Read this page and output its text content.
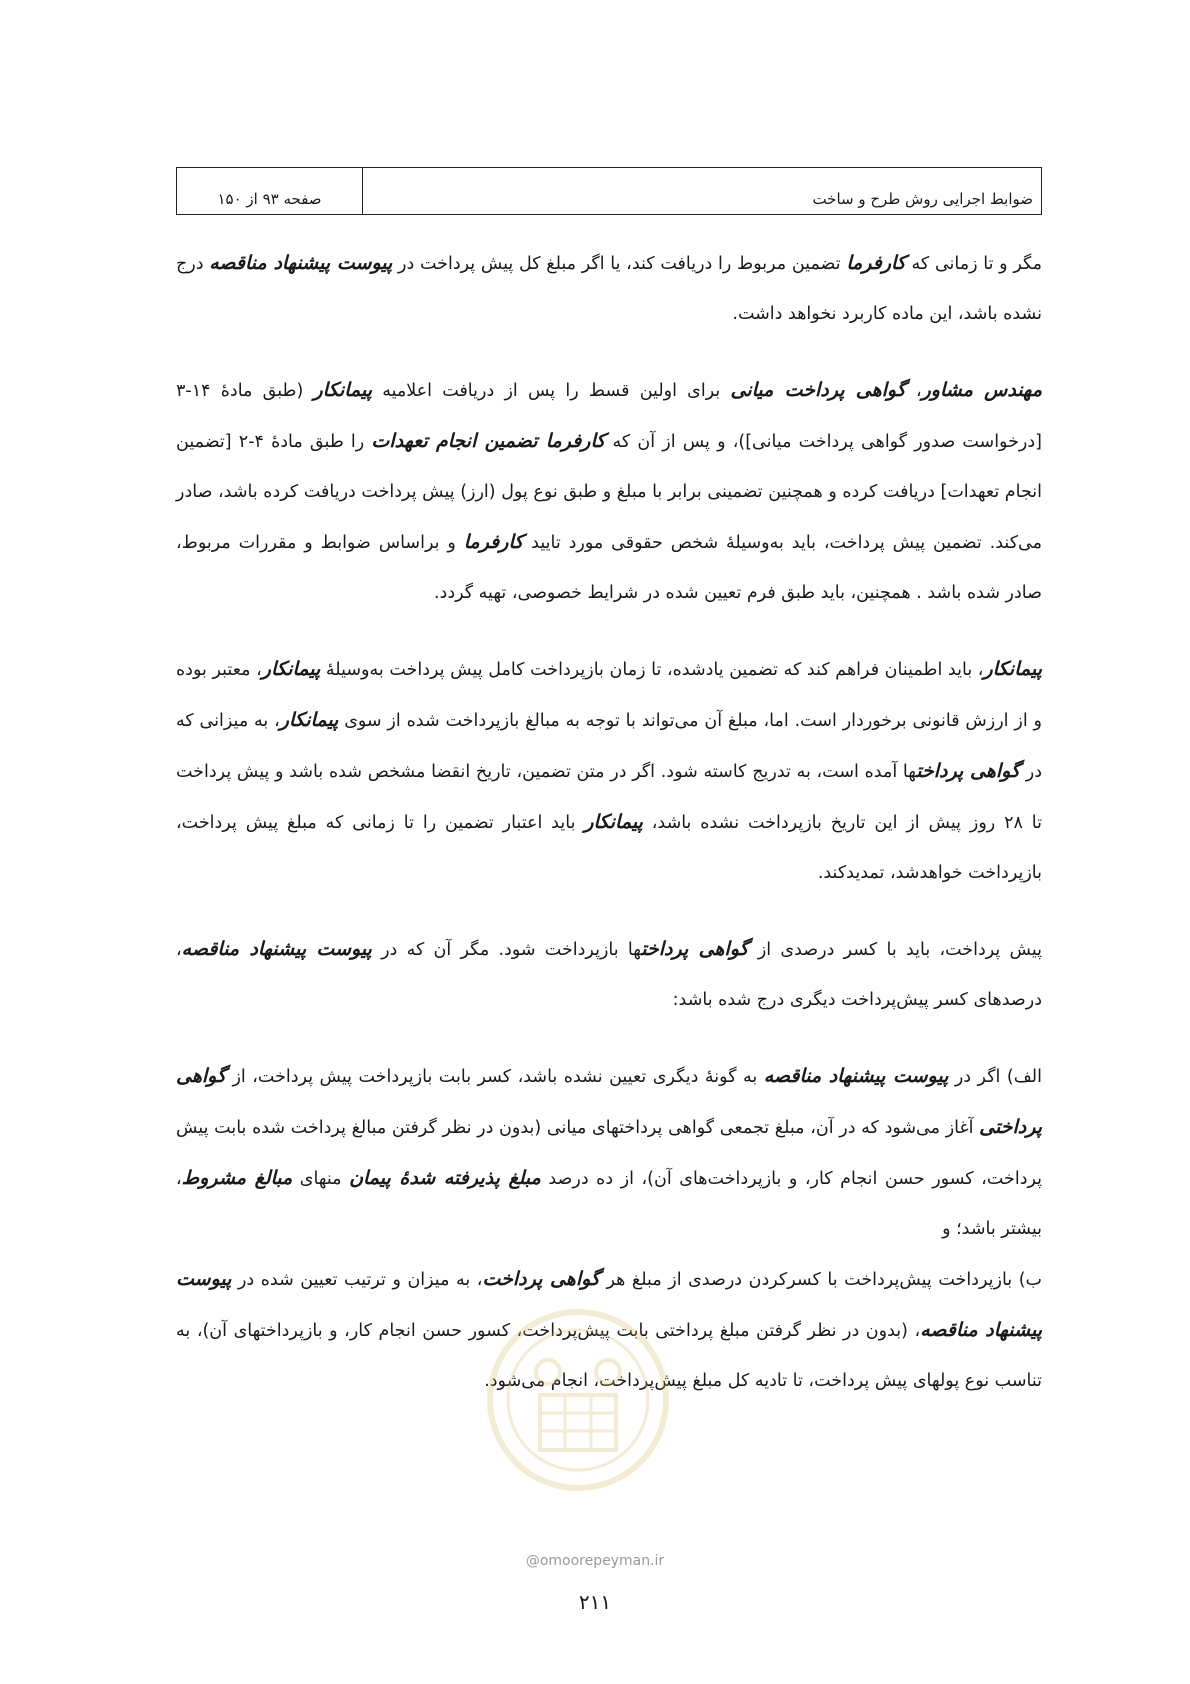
ضوابط اجرایی روش طرح و ساخت
صفحه ۹۳ از ۱۵۰

مگر و تا زمانی که کارفرما تضمین مربوط را دریافت کند، یا اگر مبلغ کل پیش پرداخت در پیوست پیشنهاد مناقصه درج نشده باشد، این ماده کاربرد نخواهد داشت.

مهندس مشاور، گواهی پرداخت میانی برای اولین قسط را پس از دریافت اعلامیه پیمانکار (طبق مادهٔ ۱۴-۳ [درخواست صدور گواهی پرداخت میانی])، و پس از آن که کارفرما تضمین انجام تعهدات را طبق مادهٔ ۴-۲ [تضمین انجام تعهدات] دریافت کرده و همچنین تضمینی برابر با مبلغ و طبق نوع پول (ارز) پیش پرداخت دریافت کرده باشد، صادر می‌کند. تضمین پیش پرداخت، باید به‌وسیلهٔ شخص حقوقی مورد تایید کارفرما و براساس ضوابط و مقررات مربوط، صادر شده باشد . همچنین، باید طبق فرم تعیین شده در شرایط خصوصی، تهیه گردد.

پیمانکار، باید اطمینان فراهم کند که تضمین یادشده، تا زمان بازپرداخت کامل پیش پرداخت به‌وسیلهٔ پیمانکار، معتبر بوده و از ارزش قانونی برخوردار است. اما، مبلغ آن می‌تواند با توجه به مبالغ بازپرداخت شده از سوی پیمانکار، به میزانی که در گواهی پرداختها آمده است، به تدریج کاسته شود. اگر در متن تضمین، تاریخ انقضا مشخص شده باشد و پیش پرداخت تا ۲۸ روز پیش از این تاریخ بازپرداخت نشده باشد، پیمانکار باید اعتبار تضمین را تا زمانی که مبلغ پیش پرداخت، بازپرداخت خواهدشد، تمدیدکند.

پیش پرداخت، باید با کسر درصدی از گواهی پرداختها بازپرداخت شود. مگر آن که در پیوست پیشنهاد مناقصه، درصدهای کسر پیش‌پرداخت دیگری درج شده باشد:

الف) اگر در پیوست پیشنهاد مناقصه به گونهٔ دیگری تعیین نشده باشد، کسر بابت بازپرداخت پیش پرداخت، از گواهی پرداختی آغاز می‌شود که در آن، مبلغ تجمعی گواهی پرداختهای میانی (بدون در نظر گرفتن مبالغ پرداخت شده بابت پیش پرداخت، کسور حسن انجام کار، و بازپرداخت‌های آن)، از ده درصد مبلغ پذیرفته شدهٔ پیمان منهای مبالغ مشروط، بیشتر باشد؛ و

ب) بازپرداخت پیش‌پرداخت با کسرکردن درصدی از مبلغ هر گواهی پرداخت، به میزان و ترتیب تعیین شده در پیوست پیشنهاد مناقصه، (بدون در نظر گرفتن مبلغ پرداختی بابت پیش‌پرداخت، کسور حسن انجام کار، و بازپرداختهای آن)، به تناسب نوع پولهای پیش پرداخت، تا تادیه کل مبلغ پیش‌پرداخت، انجام می‌شود.

@omoorepeyman.ir
۲۱۱
